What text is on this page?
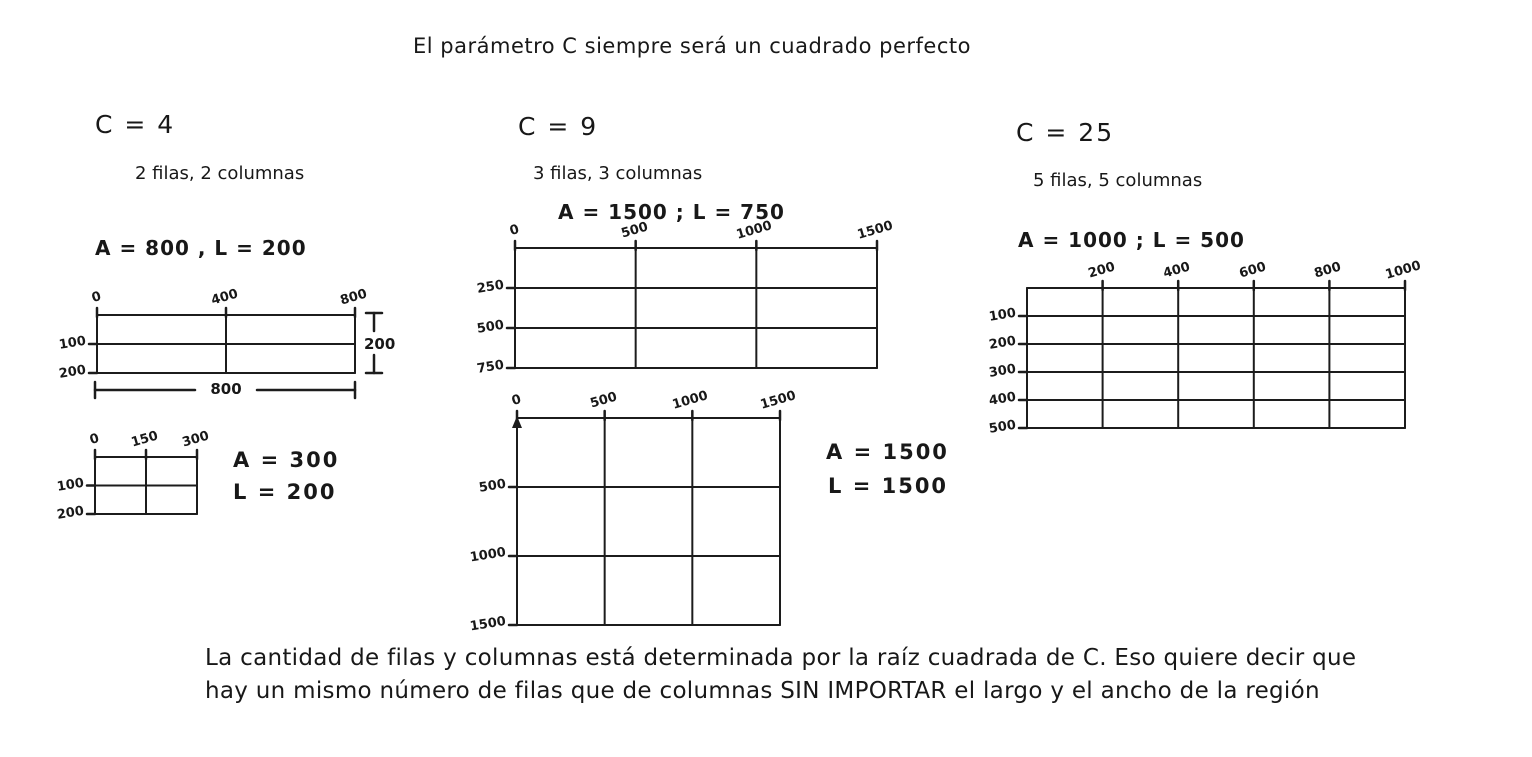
El parámetro C siempre será un cuadrado perfecto
C = 4
2 filas, 2 columnas
A = 800 , L = 200
0	400	800
100
200
200
800
0 150 300
100
200
A = 300
L = 200
C = 9
3 filas, 3 columnas
A = 1500 ; L = 750
0	500	1000	1500
250
500
750
0	500	1000	1500
500
1000
1500
A = 1500
L = 1500
C = 25
5 filas, 5 columnas
A = 1000 ; L = 500
200	400	600	800	1000
100
200
300
400
500
La cantidad de filas y columnas está determinada por la raíz cuadrada de C. Eso quiere decir que
hay un mismo número de filas que de columnas SIN IMPORTAR el largo y el ancho de la región
